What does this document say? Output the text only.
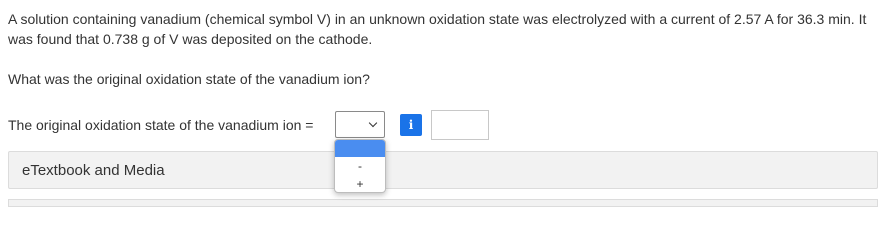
A solution containing vanadium (chemical symbol V) in an unknown oxidation state was electrolyzed with a current of 2.57 A for 36.3 min. It was found that 0.738 g of V was deposited on the cathode.

What was the original oxidation state of the vanadium ion?

The original oxidation state of the vanadium ion =	i
eTextbook and Media	-
+
